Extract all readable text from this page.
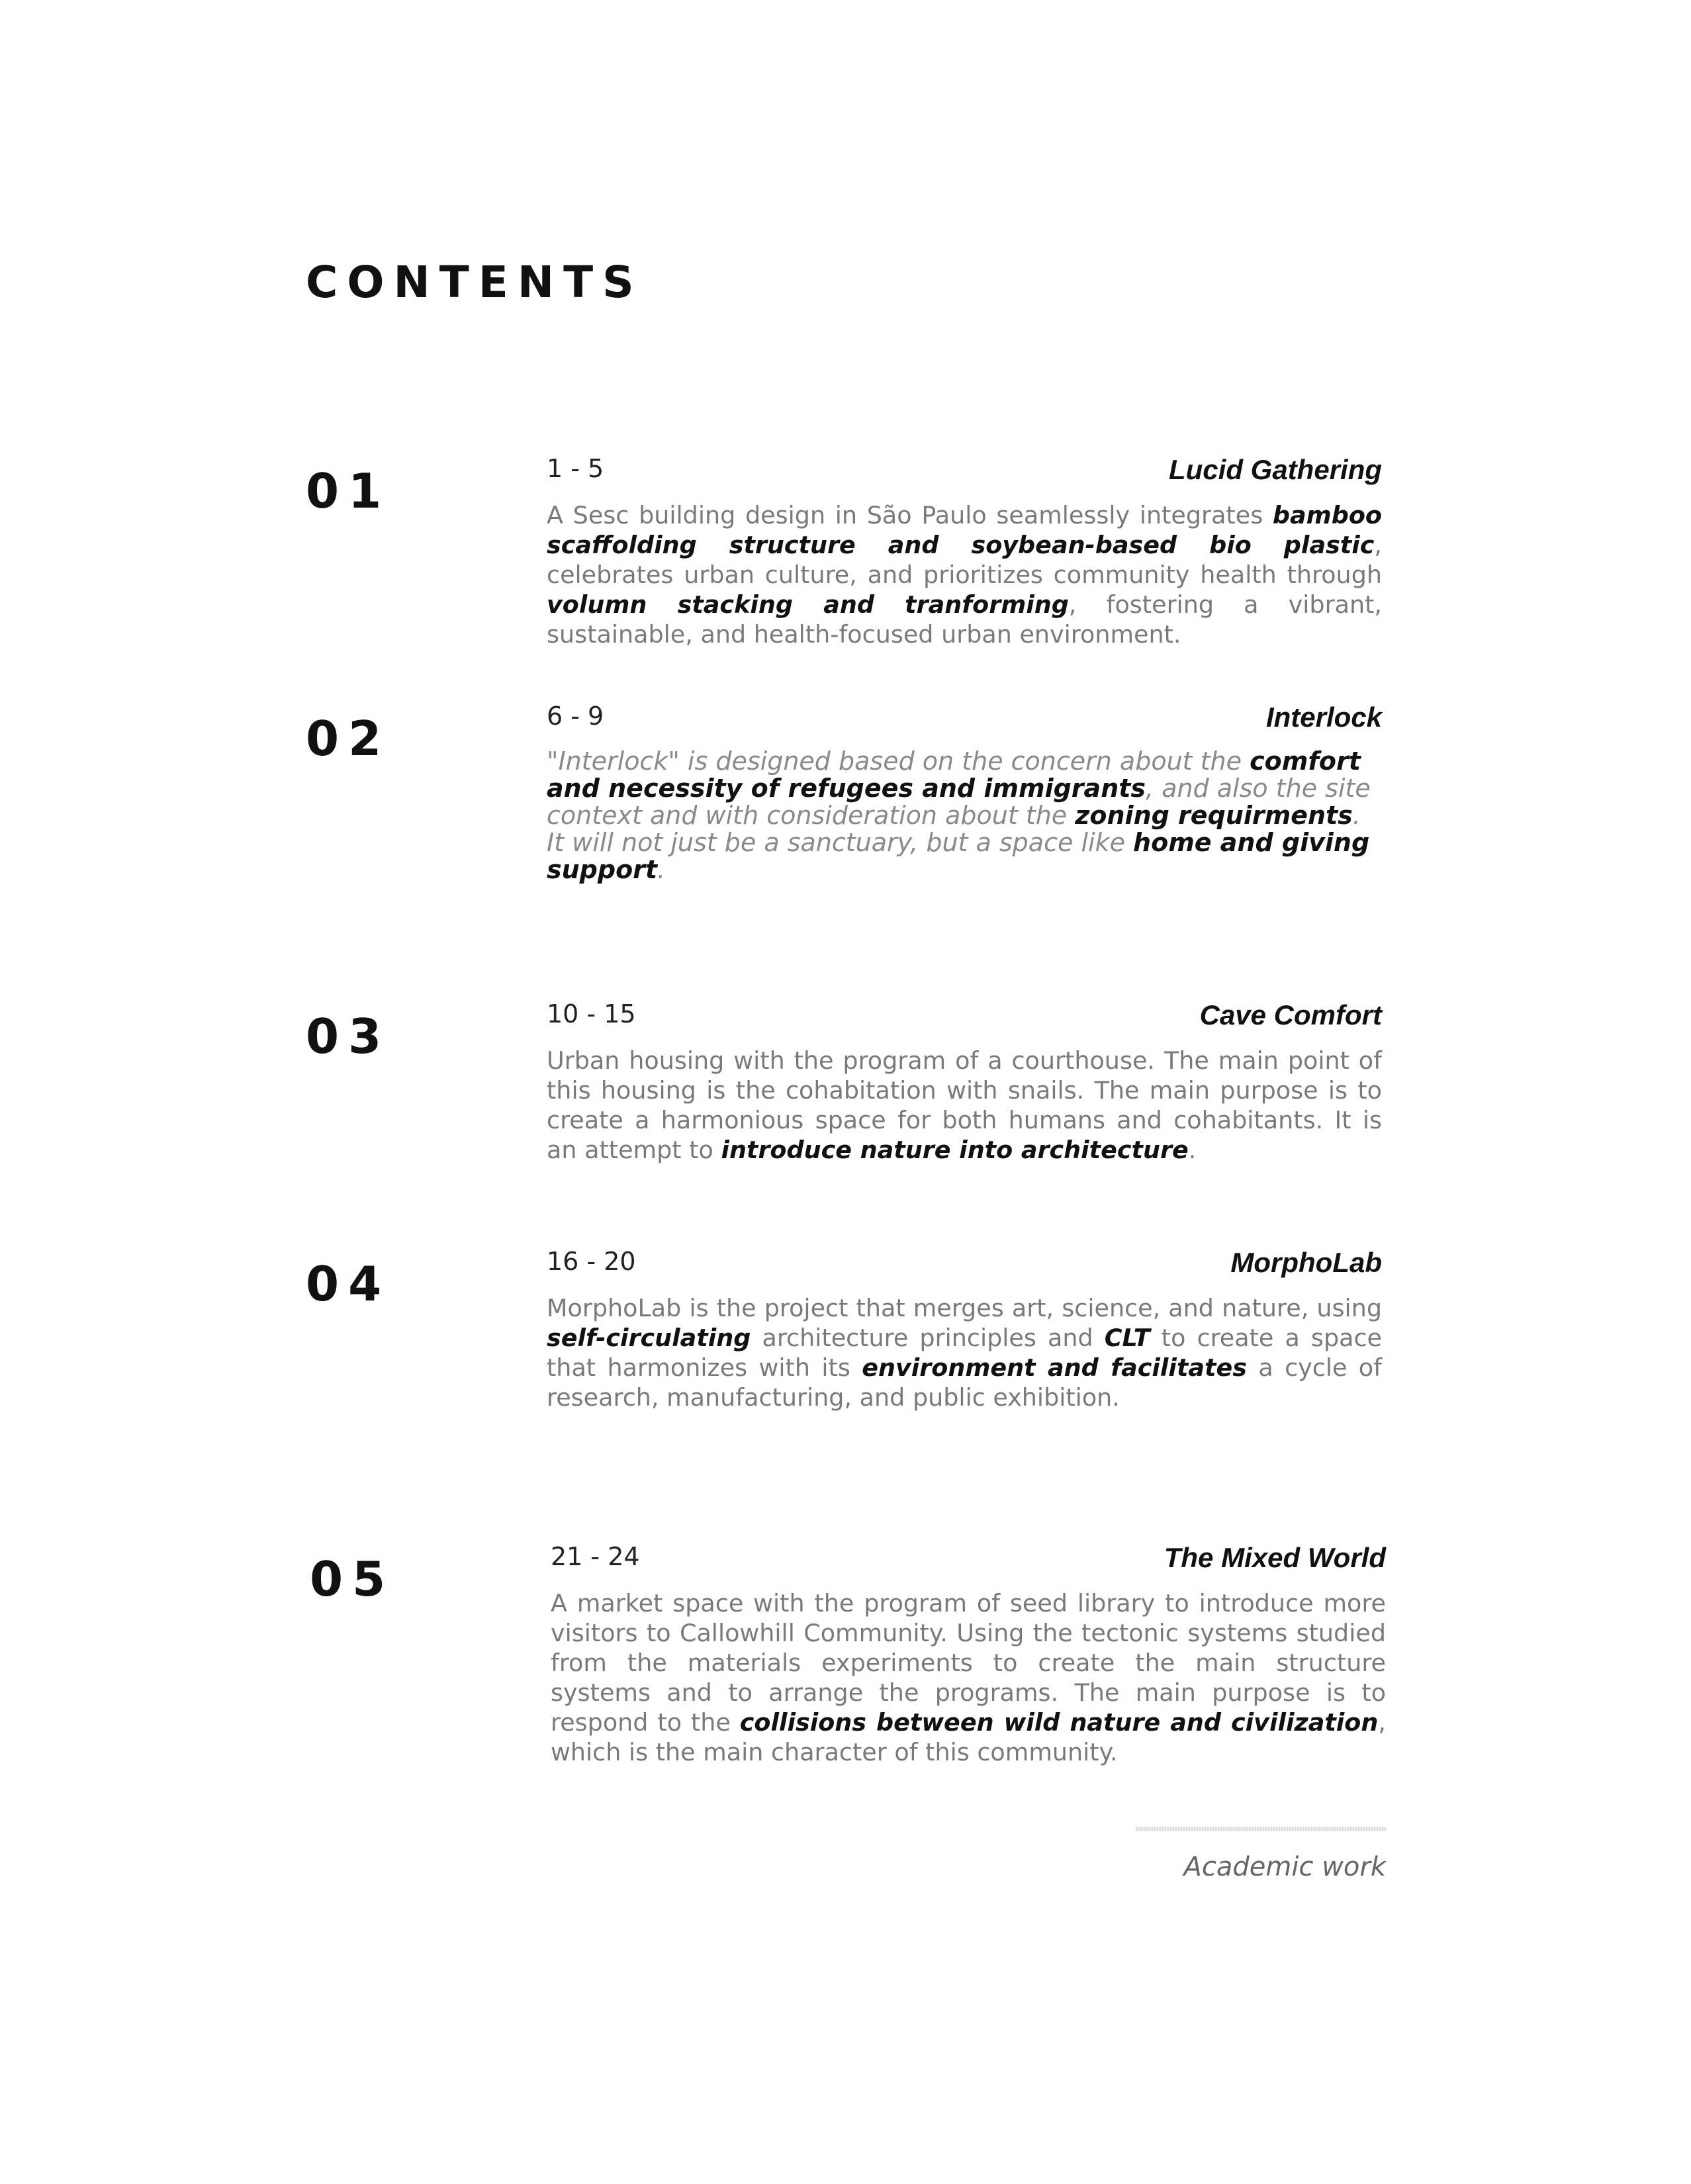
CONTENTS
01	1 - 5	Lucid Gathering

A Sesc building design in São Paulo seamlessly integrates bamboo scaffolding structure and soybean-based bio plastic, celebrates urban culture, and prioritizes community health through volumn stacking and tranforming, fostering a vibrant, sustainable, and health-focused urban environment.

02	6 - 9	Interlock

"Interlock" is designed based on the concern about the comfort and necessity of refugees and immigrants, and also the site context and with consideration about the zoning requirments. It will not just be a sanctuary, but a space like home and giving support.

03	10 - 15	Cave Comfort

Urban housing with the program of a courthouse. The main point of this housing is the cohabitation with snails. The main purpose is to create a harmonious space for both humans and cohabitants. It is an attempt to introduce nature into architecture.

04	16 - 20	MorphoLab

MorphoLab is the project that merges art, science, and nature, using self-circulating architecture principles and CLT to create a space that harmonizes with its environment and facilitates a cycle of research, manufacturing, and public exhibition.

05	21 - 24	The Mixed World

A market space with the program of seed library to introduce more visitors to Callowhill Community. Using the tectonic systems studied from the materials experiments to create the main structure systems and to arrange the programs. The main purpose is to respond to the collisions between wild nature and civilization, which is the main character of this community.

Academic work
